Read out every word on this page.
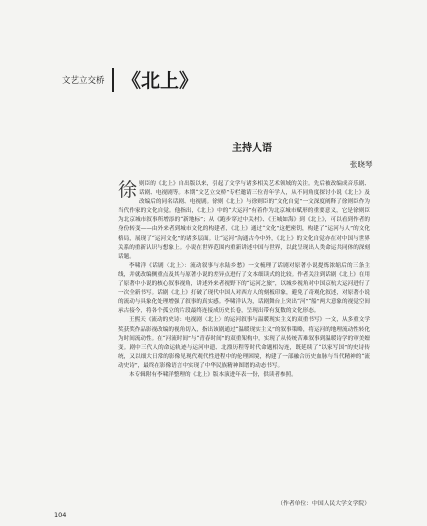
文艺立交桥 《北上》
主持人语
张晓琴

徐则臣的《北上》自出版以来，引起了文学与诸多相关艺术领域的关注。先后被改编成音乐剧、话剧、电视剧等。本期“文艺立交桥”专栏邀请三位青年学人，从不同角度探讨小说《北上》及改编后的同名话剧、电视剧。徐则《北上》与徐则臣的“文化自觉”一文深度阐释了徐则臣作为当代作家的文化自觉。他指出，《北上》中的“大运河”有着作为北京城市赋形的重要意义，它是徐则臣为北京城市叙事所增添的“新地标”；从《跑步穿过中关村》、《王城如海》到《北上》，可以看到作者的身份转变——由外来者到城市文化的构建者，《北上》通过“文化”这把密钥，构建了“运河与人”的文化格局，展现了“运河文化”的诸多层面。让“运河”沟通古今中外，《北上》的文化自觉亦在对中国与世界关系的重新认识与想象上。小说在世界范围内重新讲述中国与世界，以此呈现出人类命运共同体的深刻话题。

李啸洋《话剧〈北上〉：流动叙事与水陆乡愁》一文梳理了话剧对原著小说提炼浓缩后的三条主线，并就改编侧重点及其与原著小说的差异点进行了文本细读式的比较。作者关注到话剧《北上》在用了原著中小说的核心叙事视角，讲述外来者视野下的“运河之旅”，以城乡视角对中国京杭大运河进行了一次全新书写。话剧《北上》打破了现代中国人对西方人的刻板印象，避免了奇观化叙述，对原著小说的流动与具象化处理增强了叙事的真实感。李啸洋认为，话剧舞台上突出“河”“船”两大意象的视觉空间承古接今，将各个孤立的片段最终连接成历史长卷，呈现出带有复数的文化形态。

王熙天《流动的史诗：电视剧〈北上〉的运河叙事与温暖现实主义的双重书写》一文，从多重文学奖获奖作品影视改编的视角切入，指出该剧通过“温暖现实主义”的叙事策略，将运河的地理流动性转化为时间流动性。在“河流时间”与“青春时间”的双重架构中，实现了从传统苦难叙事到温暖诗学的审美嬗变。剧中三代人的命运轨迹与运河申遗、北漂历程等时代命题相勾连，既延续了“以家写国”的史诗传统，又以细大日常的影像见现代观代性进程中的伦理困境，构建了一部融合历史血脉与当代精神的“流动史诗”，最终在影像语言中实现了中华民族精神图谱的动态书写。

本专辑附有李啸洋整理的《北上》版本演进年表一份，供读者参照。

（作者单位：中国人民大学文学院）
104
